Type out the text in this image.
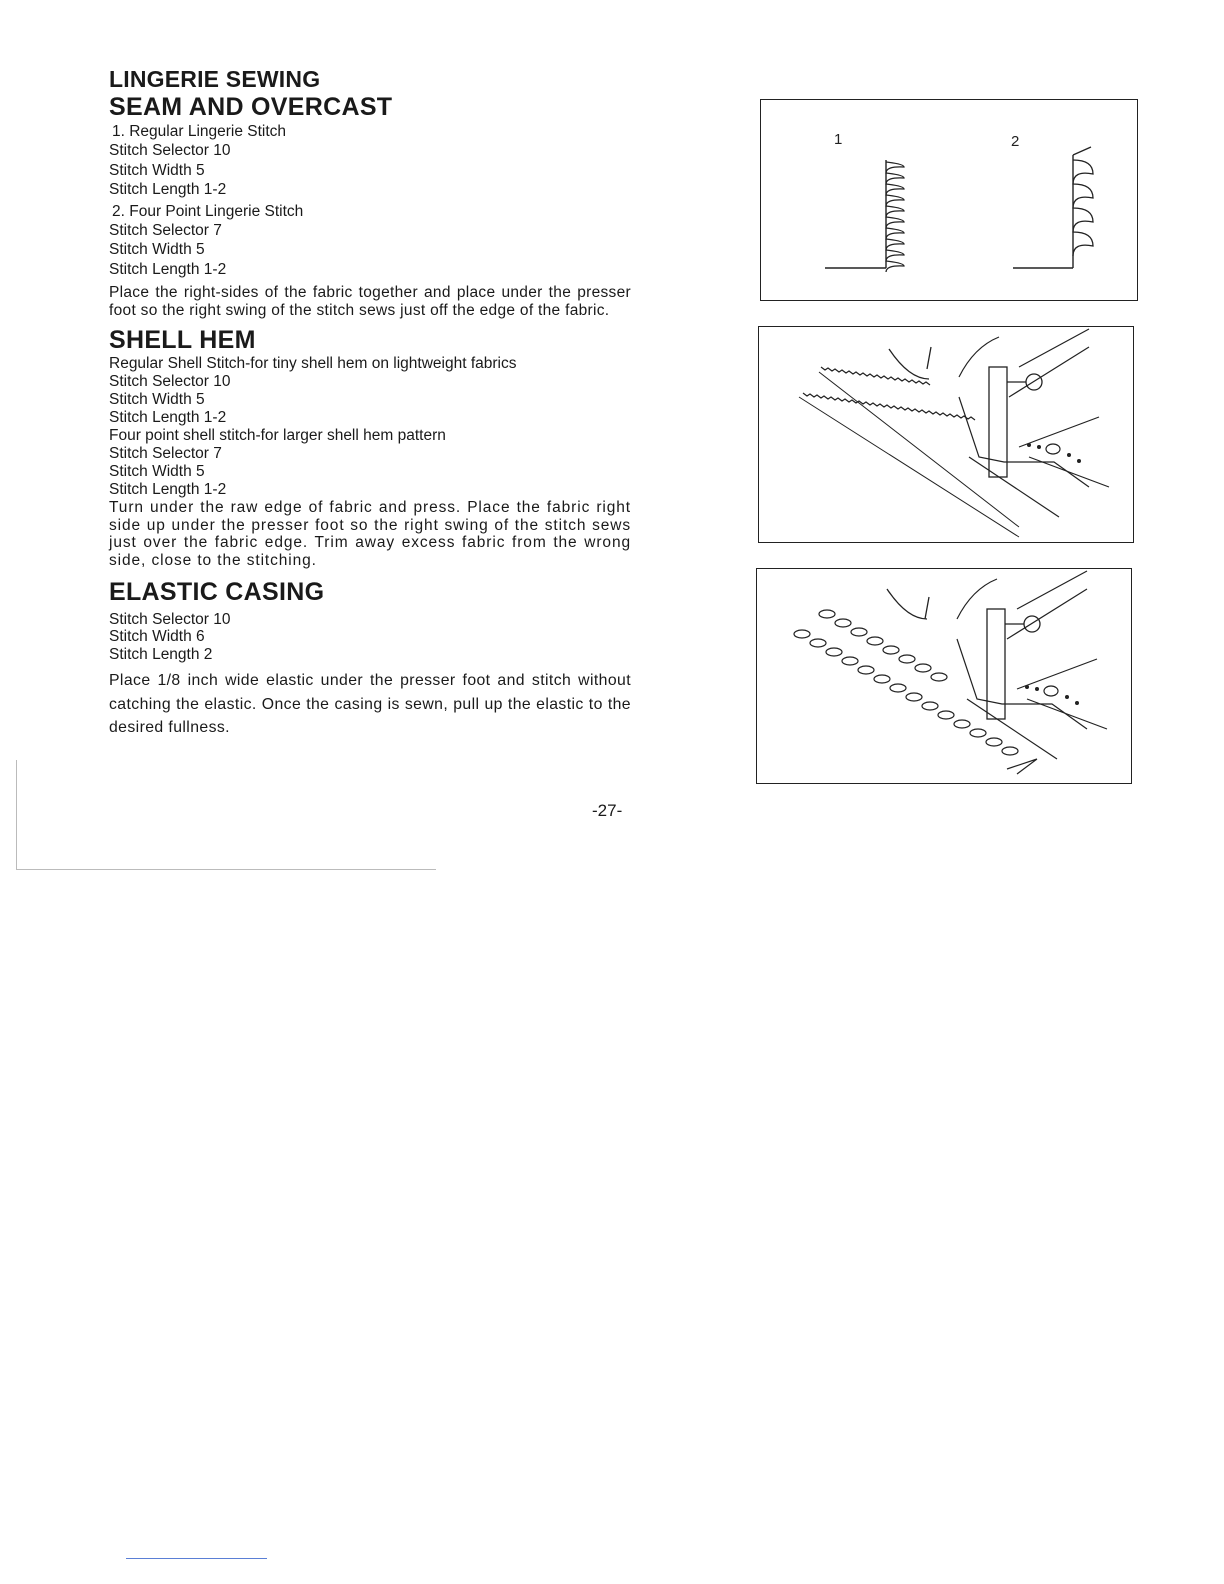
LINGERIE SEWING
SEAM AND OVERCAST

1. Regular Lingerie Stitch

Stitch Selector 10

Stitch Width 5

Stitch Length 1-2

2. Four Point Lingerie Stitch

Stitch Selector 7

Stitch Width 5

Stitch Length 1-2

Place the right-sides of the fabric together and place under the presser foot so the right swing of the stitch sews just off the edge of the fabric.

SHELL HEM

Regular Shell Stitch-for tiny shell hem on lightweight fabrics

Stitch Selector 10

Stitch Width 5

Stitch Length 1-2

Four point shell stitch-for larger shell hem pattern

Stitch Selector 7

Stitch Width 5

Stitch Length 1-2

Turn under the raw edge of fabric and press. Place the fabric right side up under the presser foot so the right swing of the stitch sews just over the fabric edge. Trim away excess fabric from the wrong side, close to the stitching.

ELASTIC CASING

Stitch Selector 10

Stitch Width 6

Stitch Length 2

Place 1/8 inch wide elastic under the presser foot and stitch without catching the elastic. Once the casing is sewn, pull up the elastic to the desired fullness.

-27-
1	2
